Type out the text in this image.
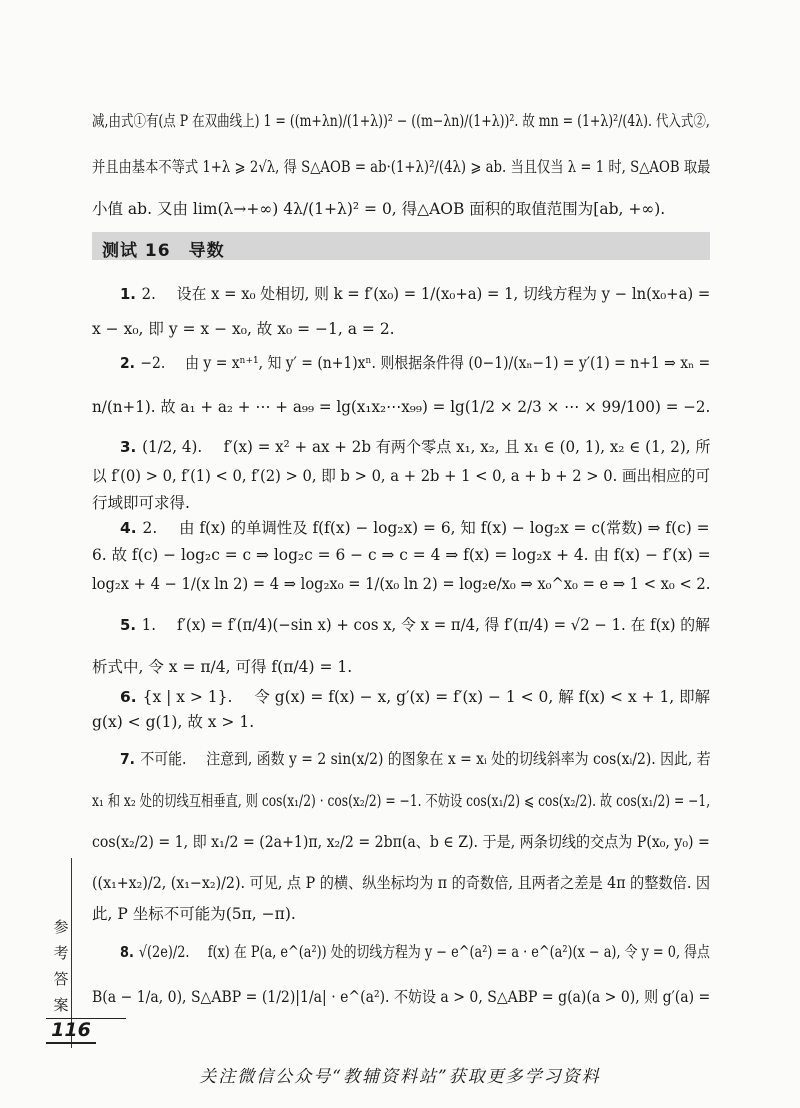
减,由式①有(点 P 在双曲线上) 1 = ((m+λn)/(1+λ))² − ((m−λn)/(1+λ))². 故 mn = (1+λ)²/(4λ). 代入式②,
并且由基本不等式 1+λ ⩾ 2√λ, 得 S△AOB = ab·(1+λ)²/(4λ) ⩾ ab. 当且仅当 λ = 1 时, S△AOB 取最
小值 ab. 又由 lim(λ→+∞) 4λ/(1+λ)² = 0, 得△AOB 面积的取值范围为[ab, +∞).
测试 16　导数
1. 2. 设在 x = x₀ 处相切, 则 k = f′(x₀) = 1/(x₀+a) = 1, 切线方程为 y − ln(x₀+a) =
x − x₀, 即 y = x − x₀, 故 x₀ = −1, a = 2.
2. −2. 由 y = xⁿ⁺¹, 知 y′ = (n+1)xⁿ. 则根据条件得 (0−1)/(xₙ−1) = y′(1) = n+1 ⇒ xₙ =
n/(n+1). 故 a₁ + a₂ + ⋯ + a₉₉ = lg(x₁x₂⋯x₉₉) = lg(1/2 × 2/3 × ⋯ × 99/100) = −2.
3. (1/2, 4). f′(x) = x² + ax + 2b 有两个零点 x₁, x₂, 且 x₁ ∈ (0, 1), x₂ ∈ (1, 2), 所
以 f′(0) > 0, f′(1) < 0, f′(2) > 0, 即 b > 0, a + 2b + 1 < 0, a + b + 2 > 0. 画出相应的可
行域即可求得.
4. 2. 由 f(x) 的单调性及 f(f(x) − log₂x) = 6, 知 f(x) − log₂x = c(常数) ⇒ f(c) =
6. 故 f(c) − log₂c = c ⇒ log₂c = 6 − c ⇒ c = 4 ⇒ f(x) = log₂x + 4. 由 f(x) − f′(x) =
log₂x + 4 − 1/(x ln 2) = 4 ⇒ log₂x₀ = 1/(x₀ ln 2) = log₂e/x₀ ⇒ x₀^x₀ = e ⇒ 1 < x₀ < 2.
5. 1. f′(x) = f′(π/4)(−sin x) + cos x, 令 x = π/4, 得 f′(π/4) = √2 − 1. 在 f(x) 的解
析式中, 令 x = π/4, 可得 f(π/4) = 1.
6. {x | x > 1}. 令 g(x) = f(x) − x, g′(x) = f′(x) − 1 < 0, 解 f(x) < x + 1, 即解
g(x) < g(1), 故 x > 1.
7. 不可能. 注意到, 函数 y = 2 sin(x/2) 的图象在 x = xᵢ 处的切线斜率为 cos(xᵢ/2). 因此, 若
x₁ 和 x₂ 处的切线互相垂直, 则 cos(x₁/2) · cos(x₂/2) = −1. 不妨设 cos(x₁/2) ⩽ cos(x₂/2). 故 cos(x₁/2) = −1,
cos(x₂/2) = 1, 即 x₁/2 = (2a+1)π, x₂/2 = 2bπ(a、b ∈ Z). 于是, 两条切线的交点为 P(x₀, y₀) =
((x₁+x₂)/2, (x₁−x₂)/2). 可见, 点 P 的横、纵坐标均为 π 的奇数倍, 且两者之差是 4π 的整数倍. 因
此, P 坐标不可能为(5π, −π).
8. √(2e)/2. f(x) 在 P(a, e^(a²)) 处的切线方程为 y − e^(a²) = a · e^(a²)(x − a), 令 y = 0, 得点
B(a − 1/a, 0), S△ABP = (1/2)|1/a| · e^(a²). 不妨设 a > 0, S△ABP = g(a)(a > 0), 则 g′(a) =
参考答案
116
关注微信公众号“教辅资料站”获取更多学习资料
